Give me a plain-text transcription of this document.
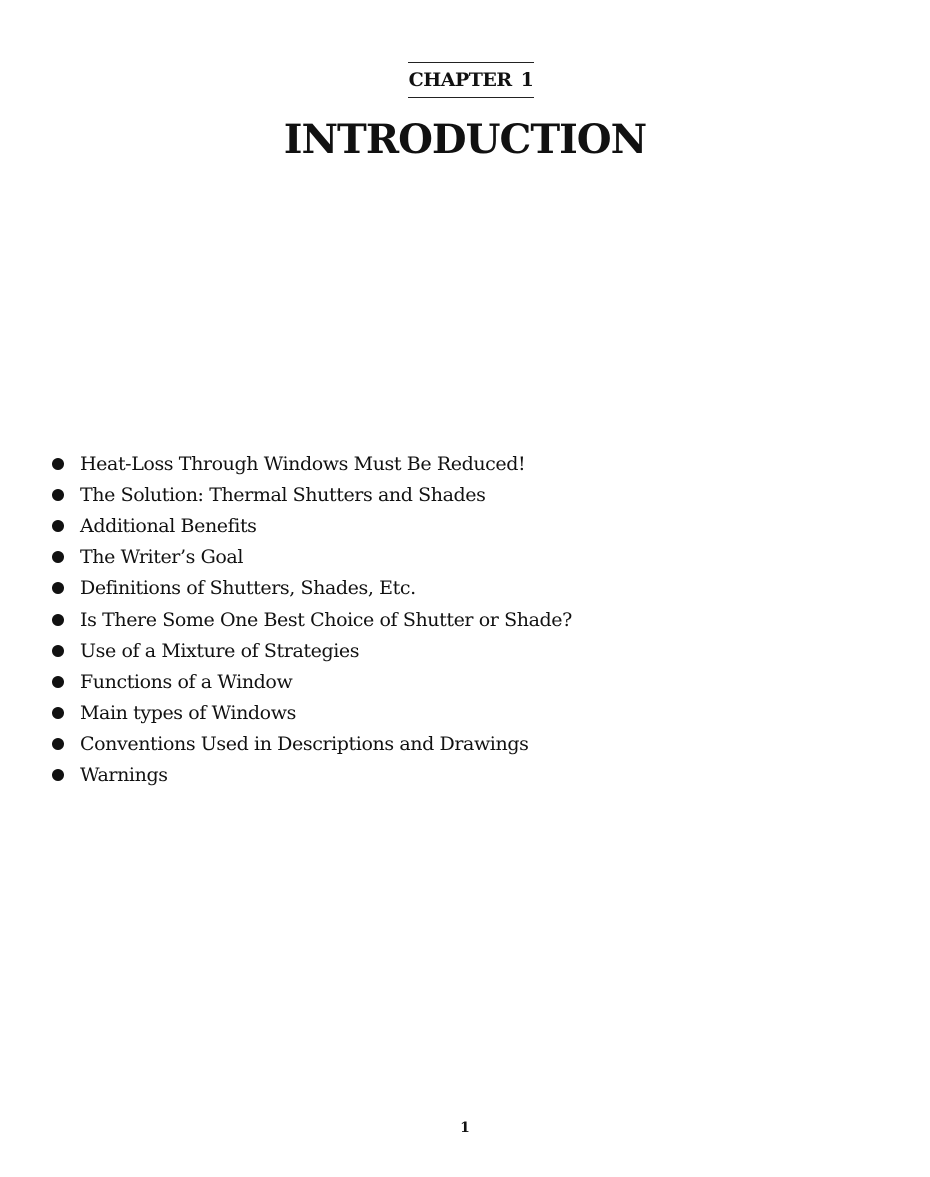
CHAPTER 1
INTRODUCTION
Heat-Loss Through Windows Must Be Reduced!
The Solution: Thermal Shutters and Shades
Additional Benefits
The Writer’s Goal
Definitions of Shutters, Shades, Etc.
Is There Some One Best Choice of Shutter or Shade?
Use of a Mixture of Strategies
Functions of a Window
Main types of Windows
Conventions Used in Descriptions and Drawings
Warnings
1
